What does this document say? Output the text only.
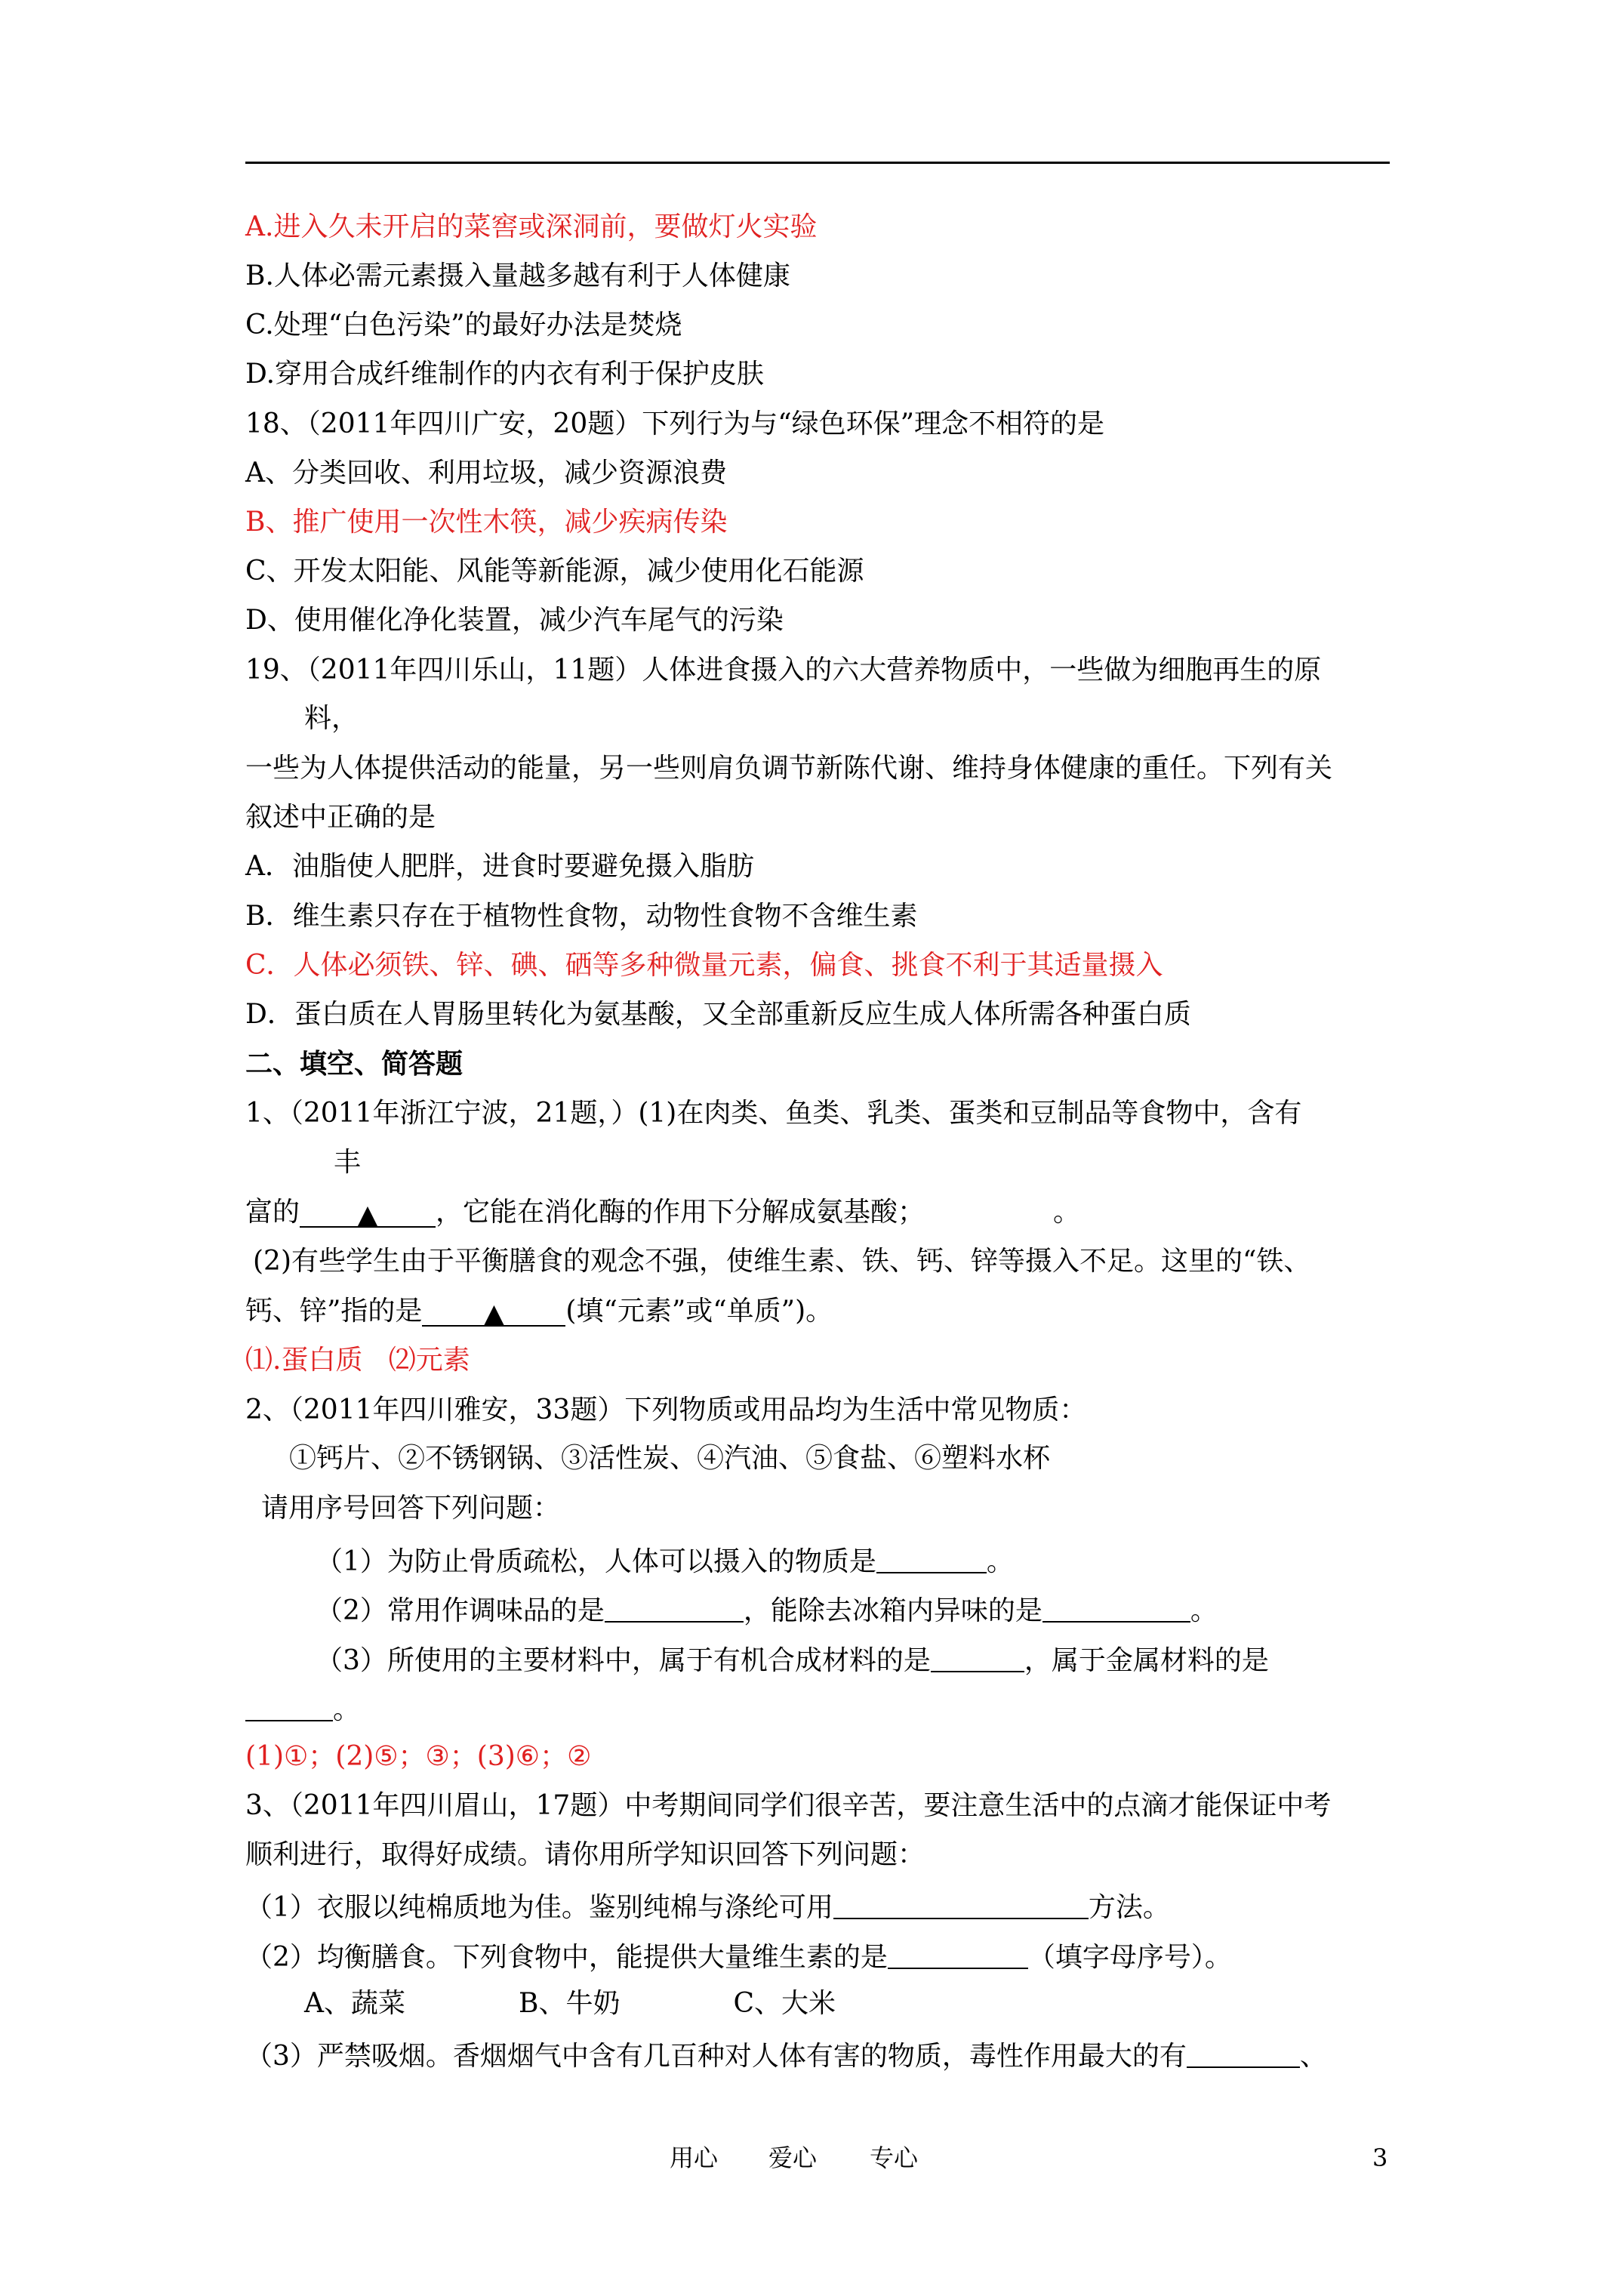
A.进入久未开启的菜窖或深洞前，要做灯火实验
B.人体必需元素摄入量越多越有利于人体健康
C.处理“白色污染”的最好办法是焚烧
D.穿用合成纤维制作的内衣有利于保护皮肤
18、（2011年四川广安，20题）下列行为与“绿色环保”理念不相符的是
A、分类回收、利用垃圾，减少资源浪费
B、推广使用一次性木筷，减少疾病传染
C、开发太阳能、风能等新能源，减少使用化石能源
D、使用催化净化装置，减少汽车尾气的污染
19、（2011年四川乐山，11题）人体进食摄入的六大营养物质中，一些做为细胞再生的原
料，
一些为人体提供活动的能量，另一些则肩负调节新陈代谢、维持身体健康的重任。下列有关
叙述中正确的是
A．油脂使人肥胖，进食时要避免摄入脂肪
B．维生素只存在于植物性食物，动物性食物不含维生素
C．人体必须铁、锌、碘、硒等多种微量元素，偏食、挑食不利于其适量摄入
D．蛋白质在人胃肠里转化为氨基酸，又全部重新反应生成人体所需各种蛋白质
二、填空、简答题
1、（2011年浙江宁波，21题，）(1)在肉类、鱼类、乳类、蛋类和豆制品等食物中，含有
丰
富的 ▲ ，它能在消化酶的作用下分解成氨基酸；	。
(2)有些学生由于平衡膳食的观念不强，使维生素、铁、钙、锌等摄入不足。这里的“铁、
钙、锌”指的是 ▲ (填“元素”或“单质”)。
⑴.蛋白质   ⑵元素
2、（2011年四川雅安，33题）下列物质或用品均为生活中常见物质：
①钙片、②不锈钢锅、③活性炭、④汽油、⑤食盐、⑥塑料水杯
请用序号回答下列问题：
（1）为防止骨质疏松，人体可以摄入的物质是	。
（2）常用作调味品的是	，能除去冰箱内异味的是	。
（3）所使用的主要材料中，属于有机合成材料的是	，属于金属材料的是
。
(1)①；(2)⑤；③；(3)⑥；②
3、（2011年四川眉山，17题）中考期间同学们很辛苦，要注意生活中的点滴才能保证中考
顺利进行，取得好成绩。请你用所学知识回答下列问题：
（1）衣服以纯棉质地为佳。鉴别纯棉与涤纶可用	方法。
（2）均衡膳食。下列食物中，能提供大量维生素的是	（填字母序号）。
A、蔬菜	B、牛奶	C、大米
（3）严禁吸烟。香烟烟气中含有几百种对人体有害的物质，毒性作用最大的有	、
用心 爱心 专心	3
